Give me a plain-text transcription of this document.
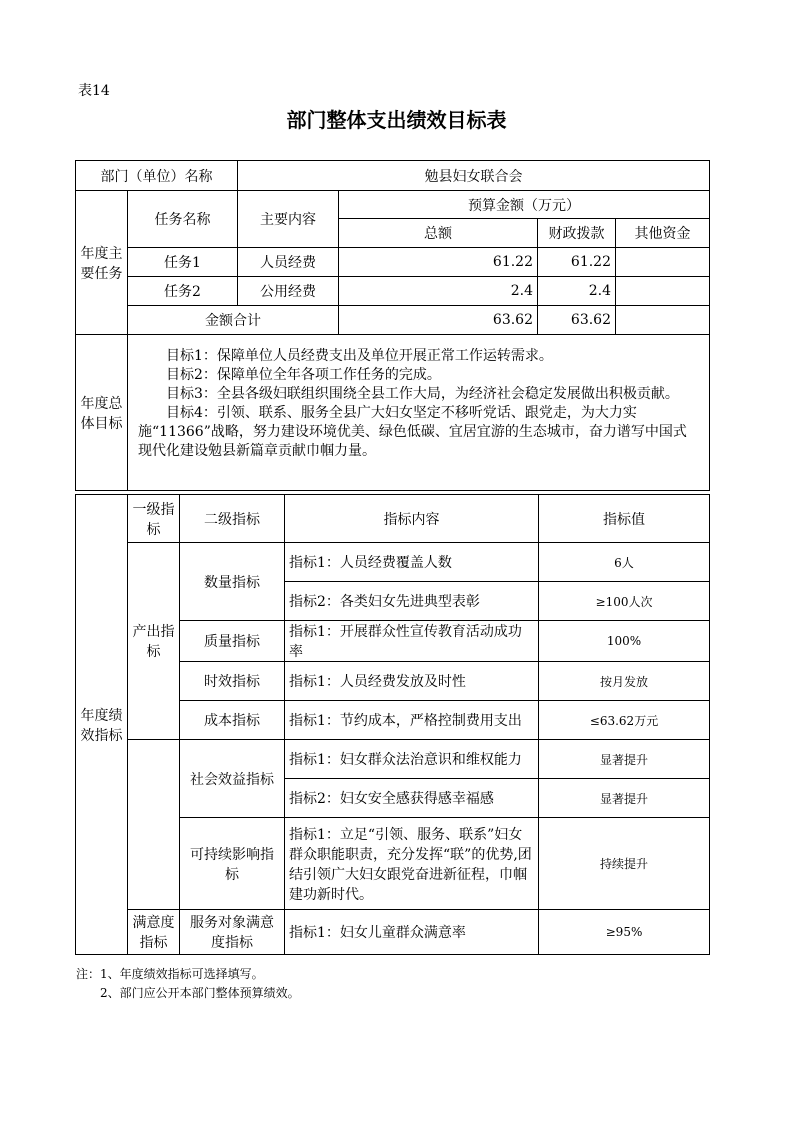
表14
部门整体支出绩效目标表
部门（单位）名称		勉县妇女联合会			
年度主要任务	任务名称	主要内容	预算金额（万元）		
			总额	财政拨款	其他资金
	任务1	人员经费	61.22	61.22	
	任务2	公用经费	2.4	2.4	
	金额合计		63.62	63.62	
年度总体目标	目标1：保障单位人员经费支出及单位开展正常工作运转需求。
目标2：保障单位全年各项工作任务的完成。
目标3：全县各级妇联组织围绕全县工作大局，为经济社会稳定发展做出积极贡献。
目标4：引领、联系、服务全县广大妇女坚定不移听党话、跟党走，为大力实施“11366”战略，努力建设环境优美、绿色低碳、宜居宜游的生态城市，奋力谱写中国式现代化建设勉县新篇章贡献巾帼力量。				
年度绩效指标	一级指标	二级指标	指标内容	指标值
	产出指标	数量指标	指标1：人员经费覆盖人数	6人
			指标2：各类妇女先进典型表彰	≥100人次
		质量指标	指标1：开展群众性宣传教育活动成功率	100%
		时效指标	指标1：人员经费发放及时性	按月发放
		成本指标	指标1：节约成本，严格控制费用支出	≤63.62万元
		社会效益指标	指标1：妇女群众法治意识和维权能力	显著提升
			指标2：妇女安全感获得感幸福感	显著提升
		可持续影响指标	指标1：立足“引领、服务、联系”妇女群众职能职责，充分发挥“联”的优势,团结引领广大妇女跟党奋进新征程，巾帼建功新时代。	持续提升

	满意度指标	服务对象满意度指标	指标1：妇女儿童群众满意率	≥95%
注：1、年度绩效指标可选择填写。
2、部门应公开本部门整体预算绩效。
